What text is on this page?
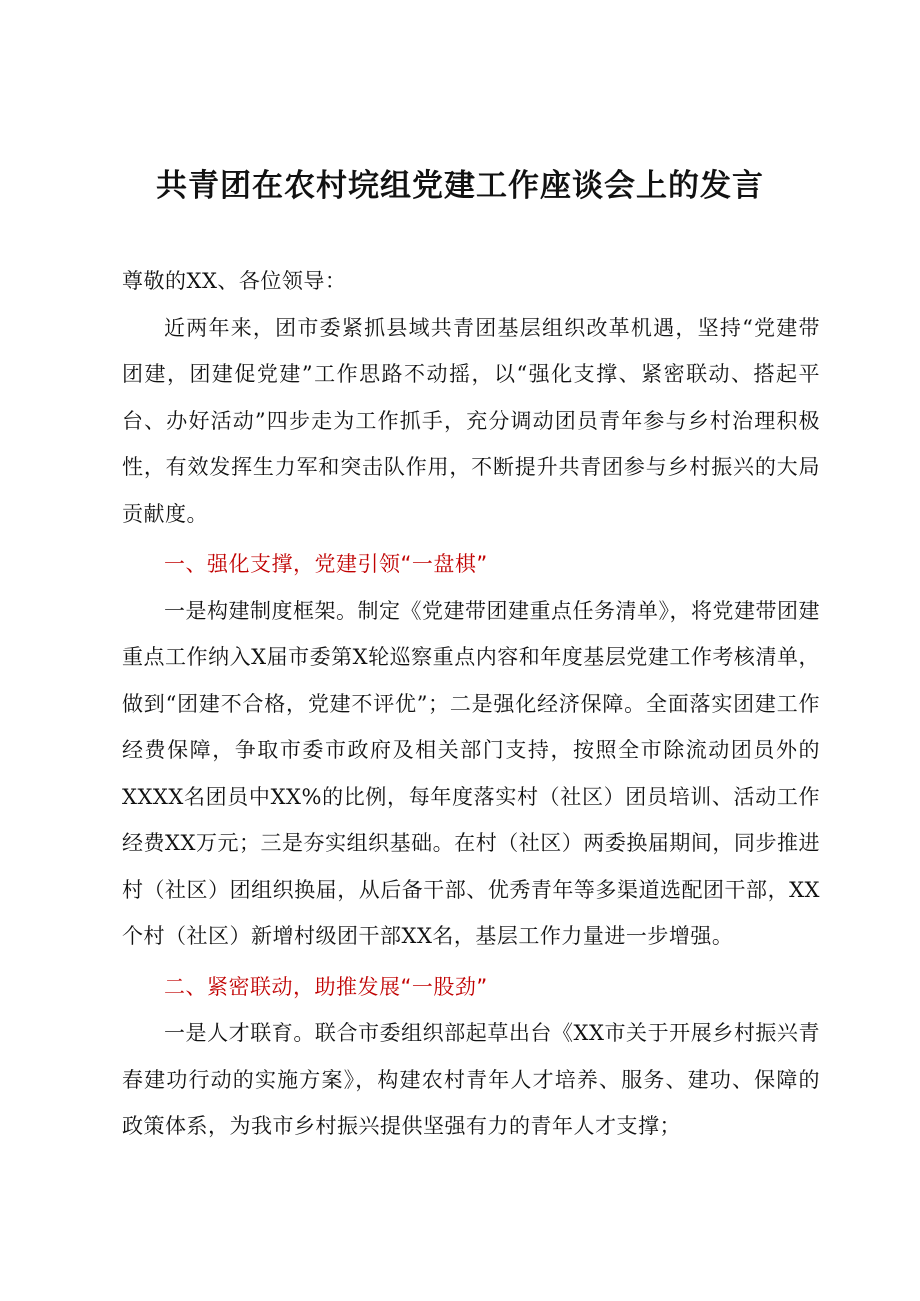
共青团在农村垸组党建工作座谈会上的发言

尊敬的XX、各位领导：

近两年来，团市委紧抓县域共青团基层组织改革机遇，坚持“党建带团建，团建促党建”工作思路不动摇，以“强化支撑、紧密联动、搭起平台、办好活动”四步走为工作抓手，充分调动团员青年参与乡村治理积极性，有效发挥生力军和突击队作用，不断提升共青团参与乡村振兴的大局贡献度。

一、强化支撑，党建引领“一盘棋”

一是构建制度框架。制定《党建带团建重点任务清单》，将党建带团建重点工作纳入X届市委第X轮巡察重点内容和年度基层党建工作考核清单，做到“团建不合格，党建不评优”；二是强化经济保障。全面落实团建工作经费保障，争取市委市政府及相关部门支持，按照全市除流动团员外的XXXX名团员中XX%的比例，每年度落实村（社区）团员培训、活动工作经费XX万元；三是夯实组织基础。在村（社区）两委换届期间，同步推进村（社区）团组织换届，从后备干部、优秀青年等多渠道选配团干部，XX个村（社区）新增村级团干部XX名，基层工作力量进一步增强。

二、紧密联动，助推发展“一股劲”

一是人才联育。联合市委组织部起草出台《XX市关于开展乡村振兴青春建功行动的实施方案》，构建农村青年人才培养、服务、建功、保障的政策体系，为我市乡村振兴提供坚强有力的青年人才支撑；
